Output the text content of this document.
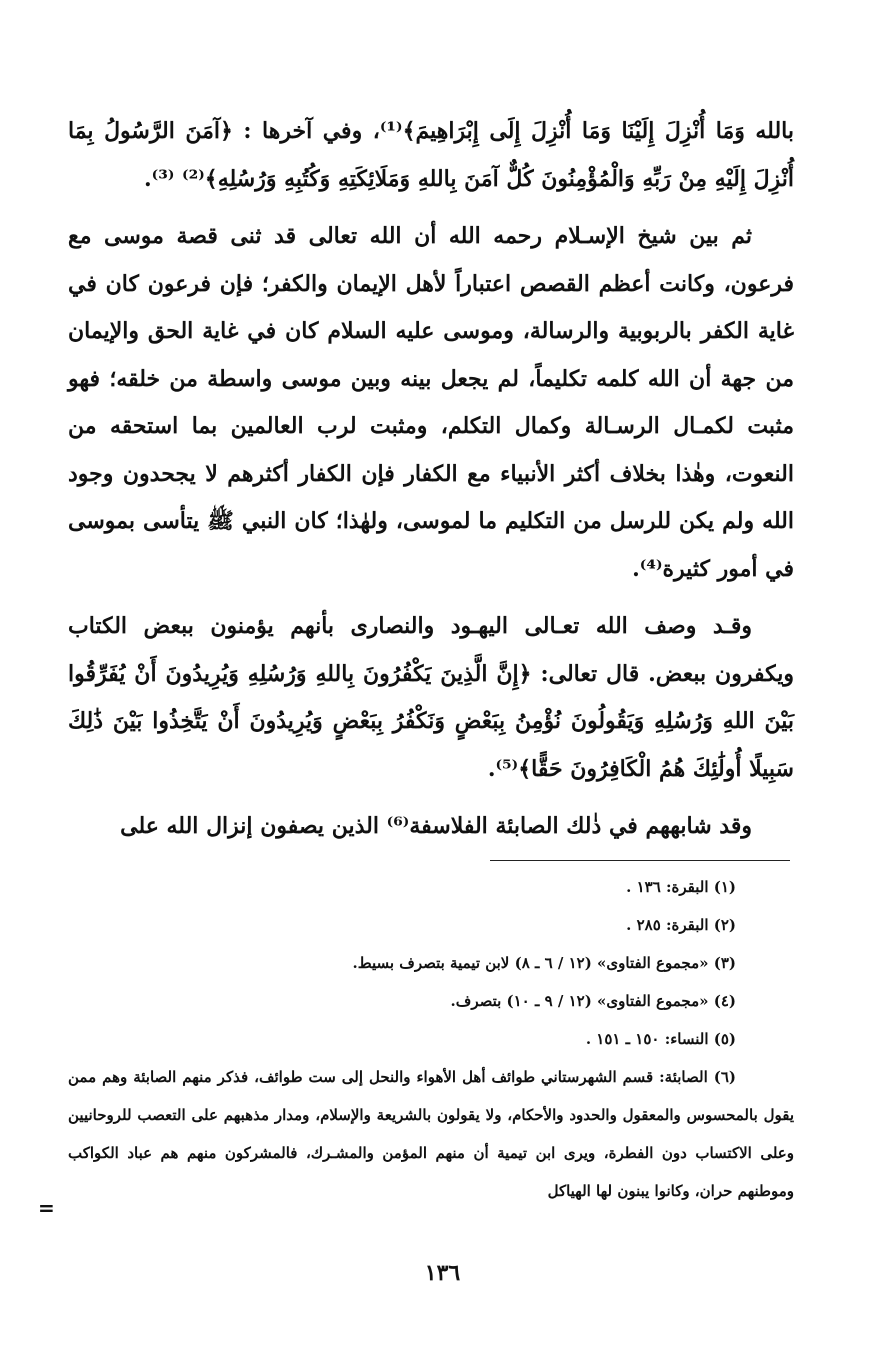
بالله وَمَا أُنْزِلَ إِلَيْنَا وَمَا أُنْزِلَ إِلَى إِبْرَاهِيمَ﴾⁽¹⁾، وفي آخرها : ﴿آمَنَ الرَّسُولُ بِمَا أُنْزِلَ إِلَيْهِ مِنْ رَبِّهِ وَالْمُؤْمِنُونَ كُلٌّ آمَنَ بِاللهِ وَمَلَائِكَتِهِ وَكُتُبِهِ وَرُسُلِهِ﴾⁽²⁾ ⁽³⁾.

ثم بين شيخ الإسـلام رحمه الله أن الله تعالى قد ثنى قصة موسى مع فرعون، وكانت أعظم القصص اعتباراً لأهل الإيمان والكفر؛ فإن فرعون كان في غاية الكفر بالربوبية والرسالة، وموسى عليه السلام كان في غاية الحق والإيمان من جهة أن الله كلمه تكليماً، لم يجعل بينه وبين موسى واسطة من خلقه؛ فهو مثبت لكمـال الرسـالة وكمال التكلم، ومثبت لرب العالمين بما استحقه من النعوت، وهٰذا بخلاف أكثر الأنبياء مع الكفار فإن الكفار أكثرهم لا يجحدون وجود الله ولم يكن للرسل من التكليم ما لموسى، ولهٰذا؛ كان النبي ﷺ يتأسى بموسى في أمور كثيرة⁽⁴⁾.

وقـد وصف الله تعـالى اليهـود والنصارى بأنهم يؤمنون ببعض الكتاب ويكفرون ببعض. قال تعالى: ﴿إِنَّ الَّذِينَ يَكْفُرُونَ بِاللهِ وَرُسُلِهِ وَيُرِيدُونَ أَنْ يُفَرِّقُوا بَيْنَ اللهِ وَرُسُلِهِ وَيَقُولُونَ نُؤْمِنُ بِبَعْضٍ وَنَكْفُرُ بِبَعْضٍ وَيُرِيدُونَ أَنْ يَتَّخِذُوا بَيْنَ ذَٰلِكَ سَبِيلًا أُولَٰئِكَ هُمُ الْكَافِرُونَ حَقًّا﴾⁽⁵⁾.

وقد شابههم في ذٰلك الصابئة الفلاسفة⁽⁶⁾ الذين يصفون إنزال الله على

(١) البقرة: ١٣٦ .

(٢) البقرة: ٢٨٥ .

(٣) «مجموع الفتاوى» (١٢ / ٦ ـ ٨) لابن تيمية بتصرف بسيط.

(٤) «مجموع الفتاوى» (١٢ / ٩ ـ ١٠) بتصرف.

(٥) النساء: ١٥٠ ـ ١٥١ .

(٦) الصابئة: قسم الشهرستاني طوائف أهل الأهواء والنحل إلى ست طوائف، فذكر منهم الصابئة وهم ممن يقول بالمحسوس والمعقول والحدود والأحكام، ولا يقولون بالشريعة والإسلام، ومدار مذهبهم على التعصب للروحانيين وعلى الاكتساب دون الفطرة، ويرى ابن تيمية أن منهم المؤمن والمشـرك، فالمشركون منهم هم عباد الكواكب وموطنهم حران، وكانوا يبنون لها الهياكل

=
١٣٦
